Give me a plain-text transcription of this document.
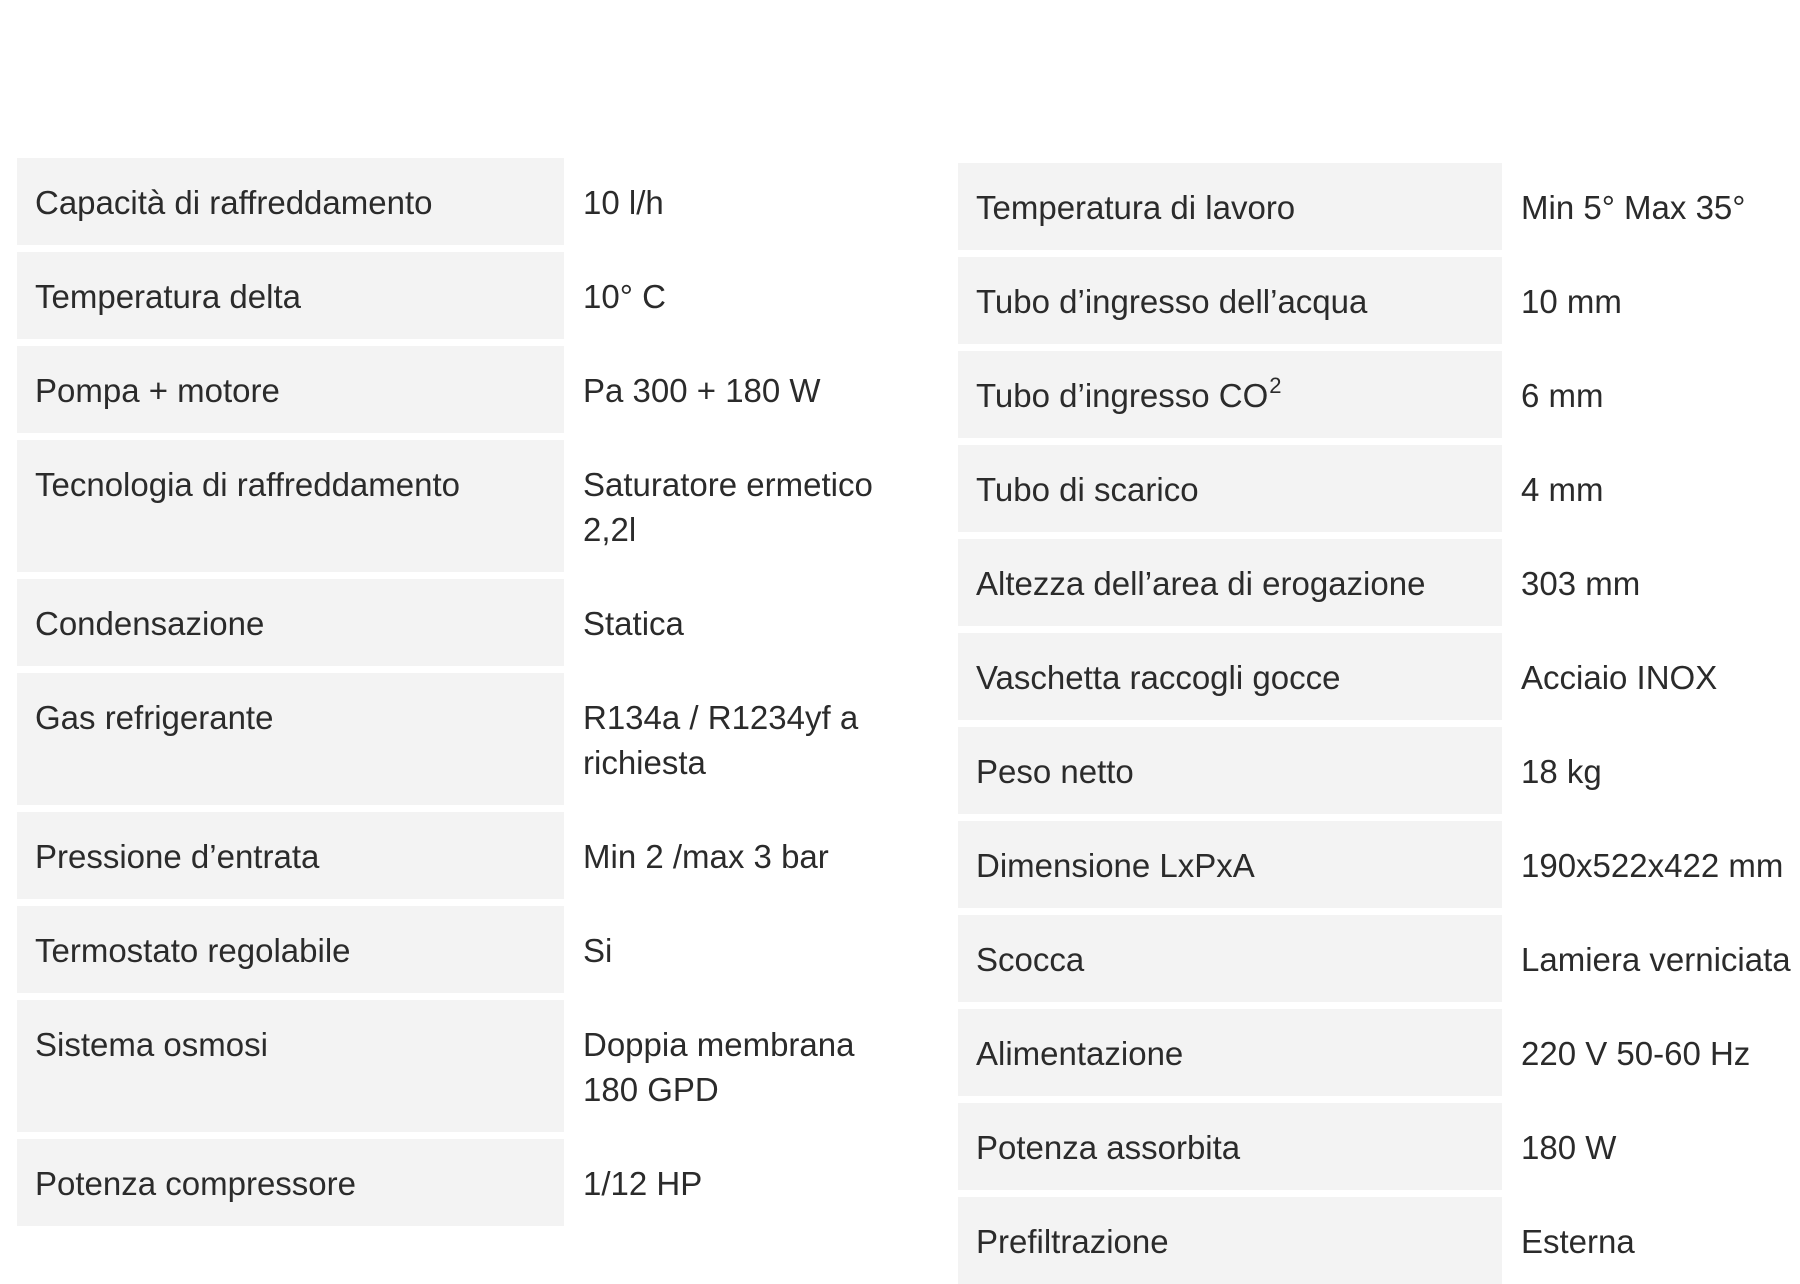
Capacità di raffreddamento	10 l/h
Temperatura delta	10° C
Pompa + motore	Pa 300 + 180 W
Tecnologia di raffreddamento	Saturatore ermetico
2,2l
Condensazione	Statica
Gas refrigerante	R134a / R1234yf a
richiesta
Pressione d’entrata	Min 2 /max 3 bar
Termostato regolabile	Si
Sistema osmosi	Doppia membrana
180 GPD
Potenza compressore	1/12 HP
Temperatura di lavoro	Min 5° Max 35°
Tubo d’ingresso dell’acqua	10 mm
Tubo d’ingresso $CO^2$	6 mm
Tubo di scarico	4 mm
Altezza dell’area di erogazione	303 mm
Vaschetta raccogli gocce	Acciaio INOX
Peso netto	18 kg
Dimensione LxPxA	190x522x422 mm
Scocca	Lamiera verniciata
Alimentazione	220 V 50-60 Hz
Potenza assorbita	180 W
Prefiltrazione	Esterna
